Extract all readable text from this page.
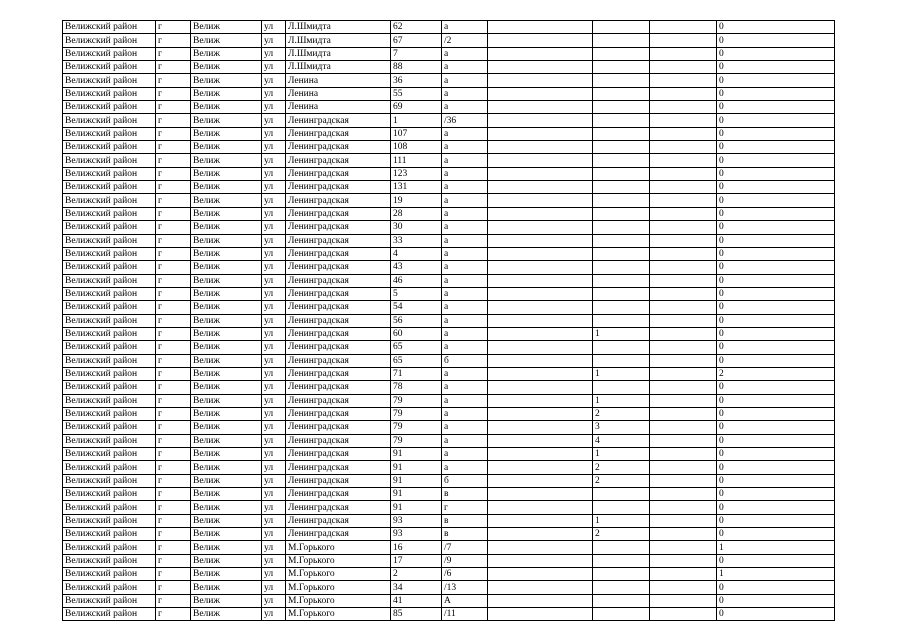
Велижский район	г	Велиж	ул	Л.Шмидта	62	а				0
Велижский район	г	Велиж	ул	Л.Шмидта	67	/2				0
Велижский район	г	Велиж	ул	Л.Шмидта	7	а				0
Велижский район	г	Велиж	ул	Л.Шмидта	88	а				0
Велижский район	г	Велиж	ул	Ленина	36	а				0
Велижский район	г	Велиж	ул	Ленина	55	а				0
Велижский район	г	Велиж	ул	Ленина	69	а				0
Велижский район	г	Велиж	ул	Ленинградская	1	/36				0
Велижский район	г	Велиж	ул	Ленинградская	107	а				0
Велижский район	г	Велиж	ул	Ленинградская	108	а				0
Велижский район	г	Велиж	ул	Ленинградская	111	а				0
Велижский район	г	Велиж	ул	Ленинградская	123	а				0
Велижский район	г	Велиж	ул	Ленинградская	131	а				0
Велижский район	г	Велиж	ул	Ленинградская	19	а				0
Велижский район	г	Велиж	ул	Ленинградская	28	а				0
Велижский район	г	Велиж	ул	Ленинградская	30	а				0
Велижский район	г	Велиж	ул	Ленинградская	33	а				0
Велижский район	г	Велиж	ул	Ленинградская	4	а				0
Велижский район	г	Велиж	ул	Ленинградская	43	а				0
Велижский район	г	Велиж	ул	Ленинградская	46	а				0
Велижский район	г	Велиж	ул	Ленинградская	5	а				0
Велижский район	г	Велиж	ул	Ленинградская	54	а				0
Велижский район	г	Велиж	ул	Ленинградская	56	а				0
Велижский район	г	Велиж	ул	Ленинградская	60	а		1		0
Велижский район	г	Велиж	ул	Ленинградская	65	а				0
Велижский район	г	Велиж	ул	Ленинградская	65	б				0
Велижский район	г	Велиж	ул	Ленинградская	71	а		1		2
Велижский район	г	Велиж	ул	Ленинградская	78	а				0
Велижский район	г	Велиж	ул	Ленинградская	79	а		1		0
Велижский район	г	Велиж	ул	Ленинградская	79	а		2		0
Велижский район	г	Велиж	ул	Ленинградская	79	а		3		0
Велижский район	г	Велиж	ул	Ленинградская	79	а		4		0
Велижский район	г	Велиж	ул	Ленинградская	91	а		1		0
Велижский район	г	Велиж	ул	Ленинградская	91	а		2		0
Велижский район	г	Велиж	ул	Ленинградская	91	б		2		0
Велижский район	г	Велиж	ул	Ленинградская	91	в				0
Велижский район	г	Велиж	ул	Ленинградская	91	г				0
Велижский район	г	Велиж	ул	Ленинградская	93	в		1		0
Велижский район	г	Велиж	ул	Ленинградская	93	в		2		0
Велижский район	г	Велиж	ул	М.Горького	16	/7				1
Велижский район	г	Велиж	ул	М.Горького	17	/9				0
Велижский район	г	Велиж	ул	М.Горького	2	/6				1
Велижский район	г	Велиж	ул	М.Горького	34	/13				0
Велижский район	г	Велиж	ул	М.Горького	41	А				0
Велижский район	г	Велиж	ул	М.Горького	85	/11				0
